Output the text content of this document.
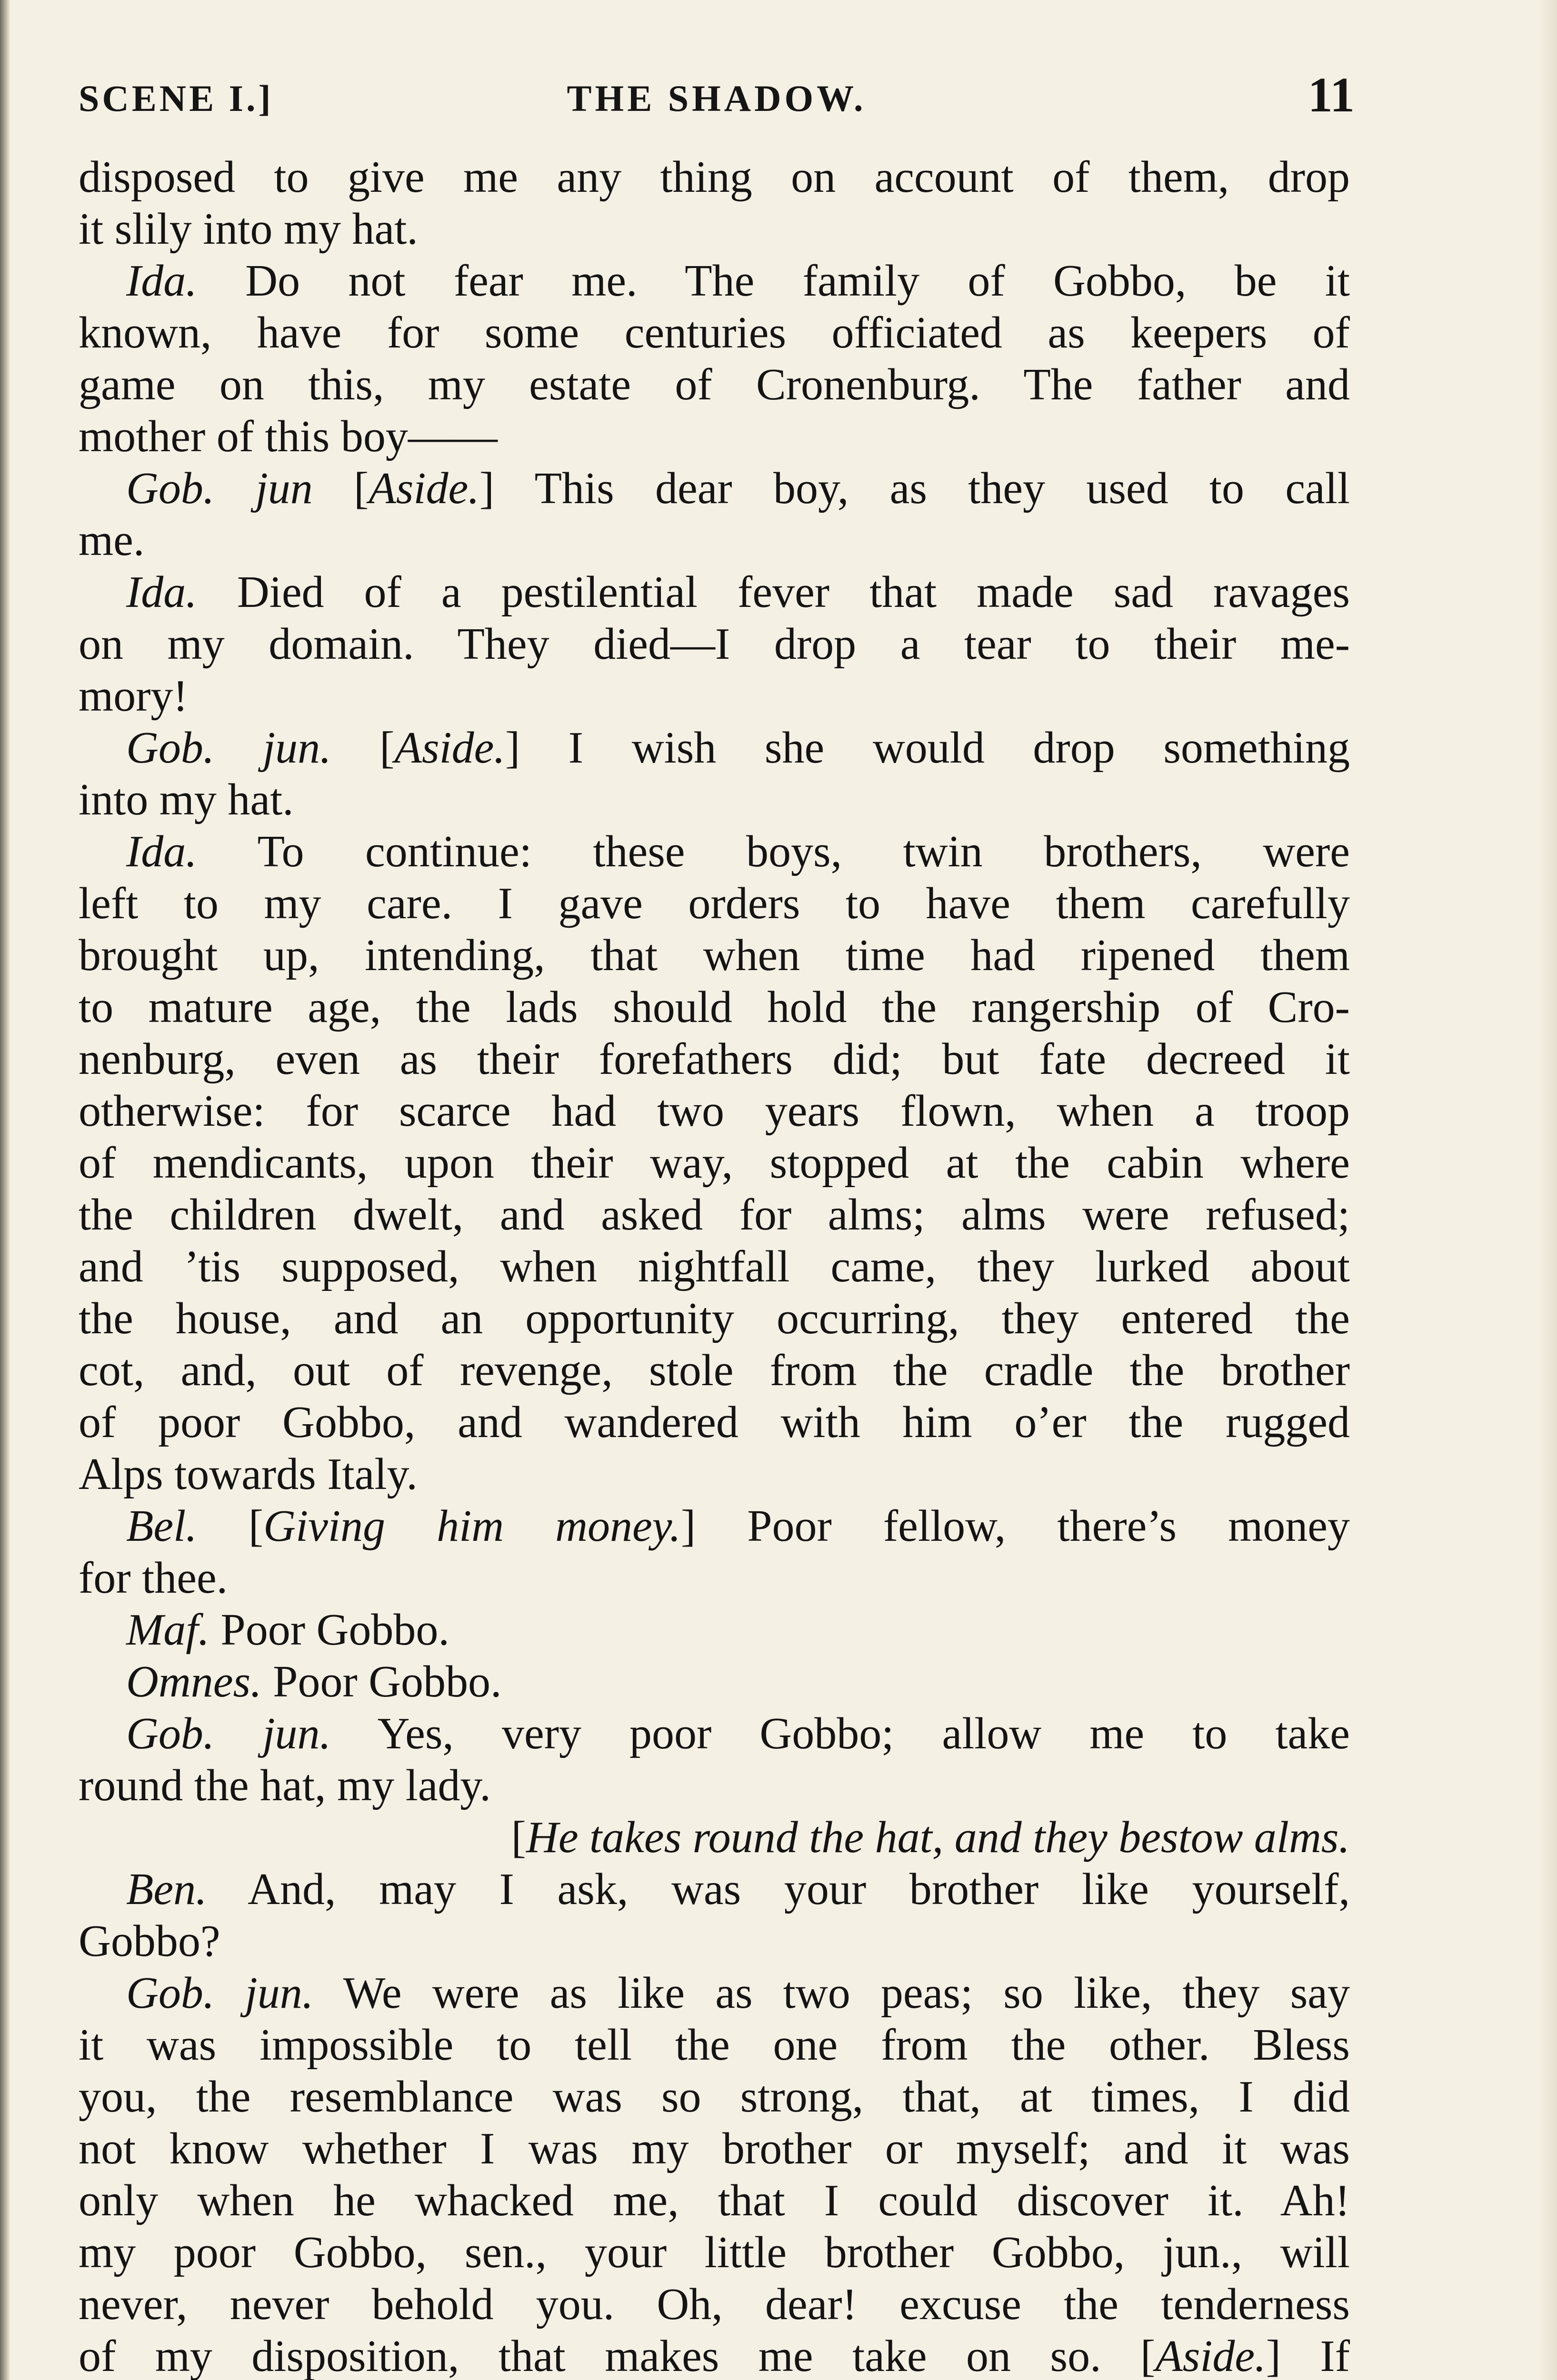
SCENE I.]	THE SHADOW.	11
disposed to give me any thing on account of them, drop
it slily into my hat.
Ida. Do not fear me. The family of Gobbo, be it
known, have for some centuries officiated as keepers of
game on this, my estate of Cronenburg. The father and
mother of this boy——
Gob. jun [Aside.] This dear boy, as they used to call
me.
Ida. Died of a pestilential fever that made sad ravages
on my domain. They died—I drop a tear to their me-
mory!
Gob. jun. [Aside.] I wish she would drop something
into my hat.
Ida. To continue: these boys, twin brothers, were
left to my care. I gave orders to have them carefully
brought up, intending, that when time had ripened them
to mature age, the lads should hold the rangership of Cro-
nenburg, even as their forefathers did; but fate decreed it
otherwise: for scarce had two years flown, when a troop
of mendicants, upon their way, stopped at the cabin where
the children dwelt, and asked for alms; alms were refused;
and ’tis supposed, when nightfall came, they lurked about
the house, and an opportunity occurring, they entered the
cot, and, out of revenge, stole from the cradle the brother
of poor Gobbo, and wandered with him o’er the rugged
Alps towards Italy.
Bel. [Giving him money.] Poor fellow, there’s money
for thee.
Maf. Poor Gobbo.
Omnes. Poor Gobbo.
Gob. jun. Yes, very poor Gobbo; allow me to take
round the hat, my lady.
[He takes round the hat, and they bestow alms.
Ben. And, may I ask, was your brother like yourself,
Gobbo?
Gob. jun. We were as like as two peas; so like, they say
it was impossible to tell the one from the other. Bless
you, the resemblance was so strong, that, at times, I did
not know whether I was my brother or myself; and it was
only when he whacked me, that I could discover it. Ah!
my poor Gobbo, sen., your little brother Gobbo, jun., will
never, never behold you. Oh, dear! excuse the tenderness
of my disposition, that makes me take on so. [Aside.] If
